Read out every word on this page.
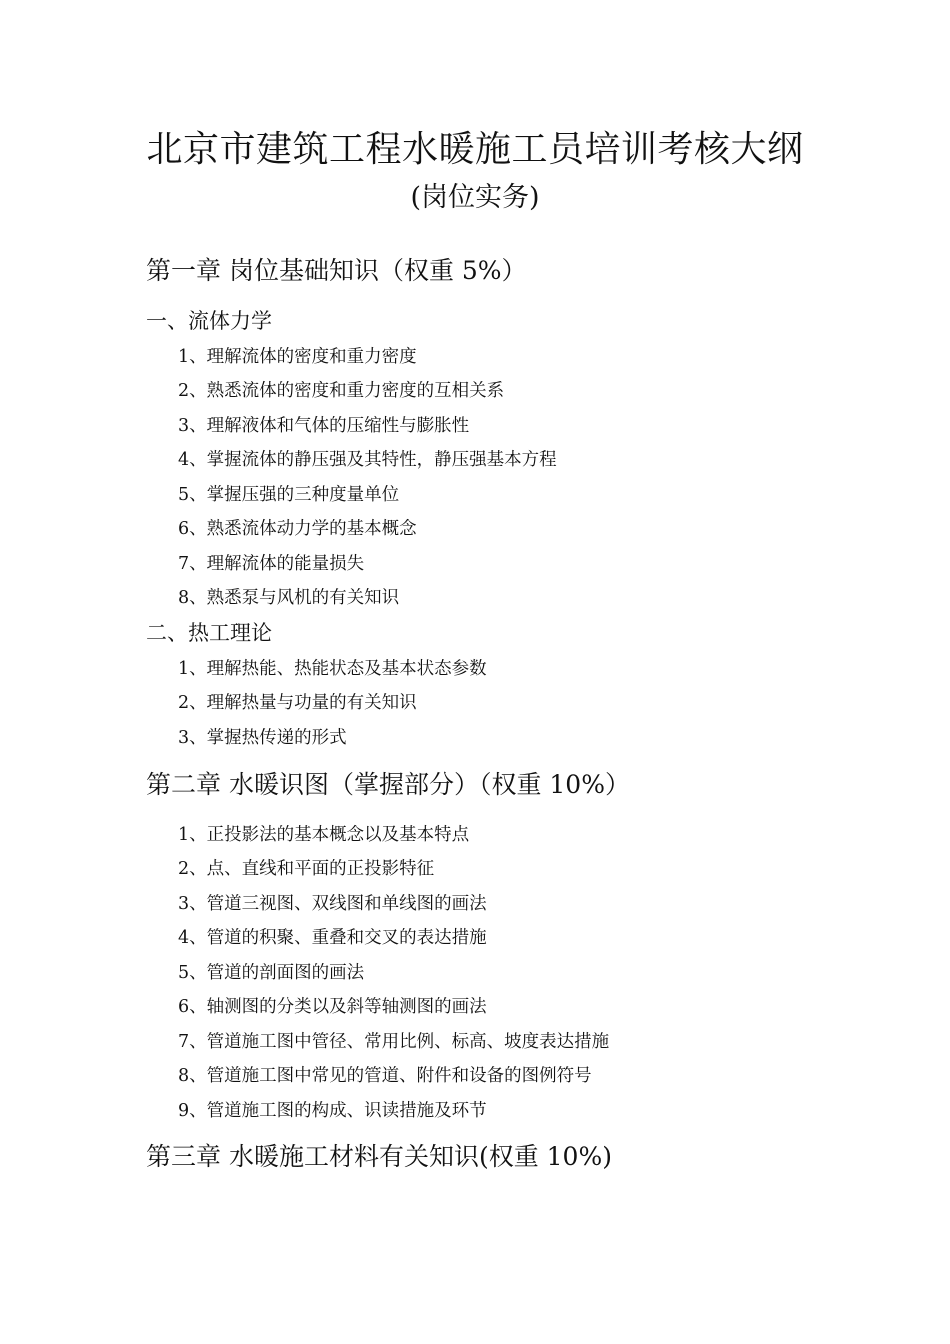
北京市建筑工程水暖施工员培训考核大纲
(岗位实务)
第一章 岗位基础知识（权重 5%）
一、流体力学
1、理解流体的密度和重力密度
2、熟悉流体的密度和重力密度的互相关系
3、理解液体和气体的压缩性与膨胀性
4、掌握流体的静压强及其特性，静压强基本方程
5、掌握压强的三种度量单位
6、熟悉流体动力学的基本概念
7、理解流体的能量损失
8、熟悉泵与风机的有关知识
二、热工理论
1、理解热能、热能状态及基本状态参数
2、理解热量与功量的有关知识
3、掌握热传递的形式
第二章 水暖识图（掌握部分）（权重 10%）
1、正投影法的基本概念以及基本特点
2、点、直线和平面的正投影特征
3、管道三视图、双线图和单线图的画法
4、管道的积聚、重叠和交叉的表达措施
5、管道的剖面图的画法
6、轴测图的分类以及斜等轴测图的画法
7、管道施工图中管径、常用比例、标高、坡度表达措施
8、管道施工图中常见的管道、附件和设备的图例符号
9、管道施工图的构成、识读措施及环节
第三章 水暖施工材料有关知识(权重 10%)
